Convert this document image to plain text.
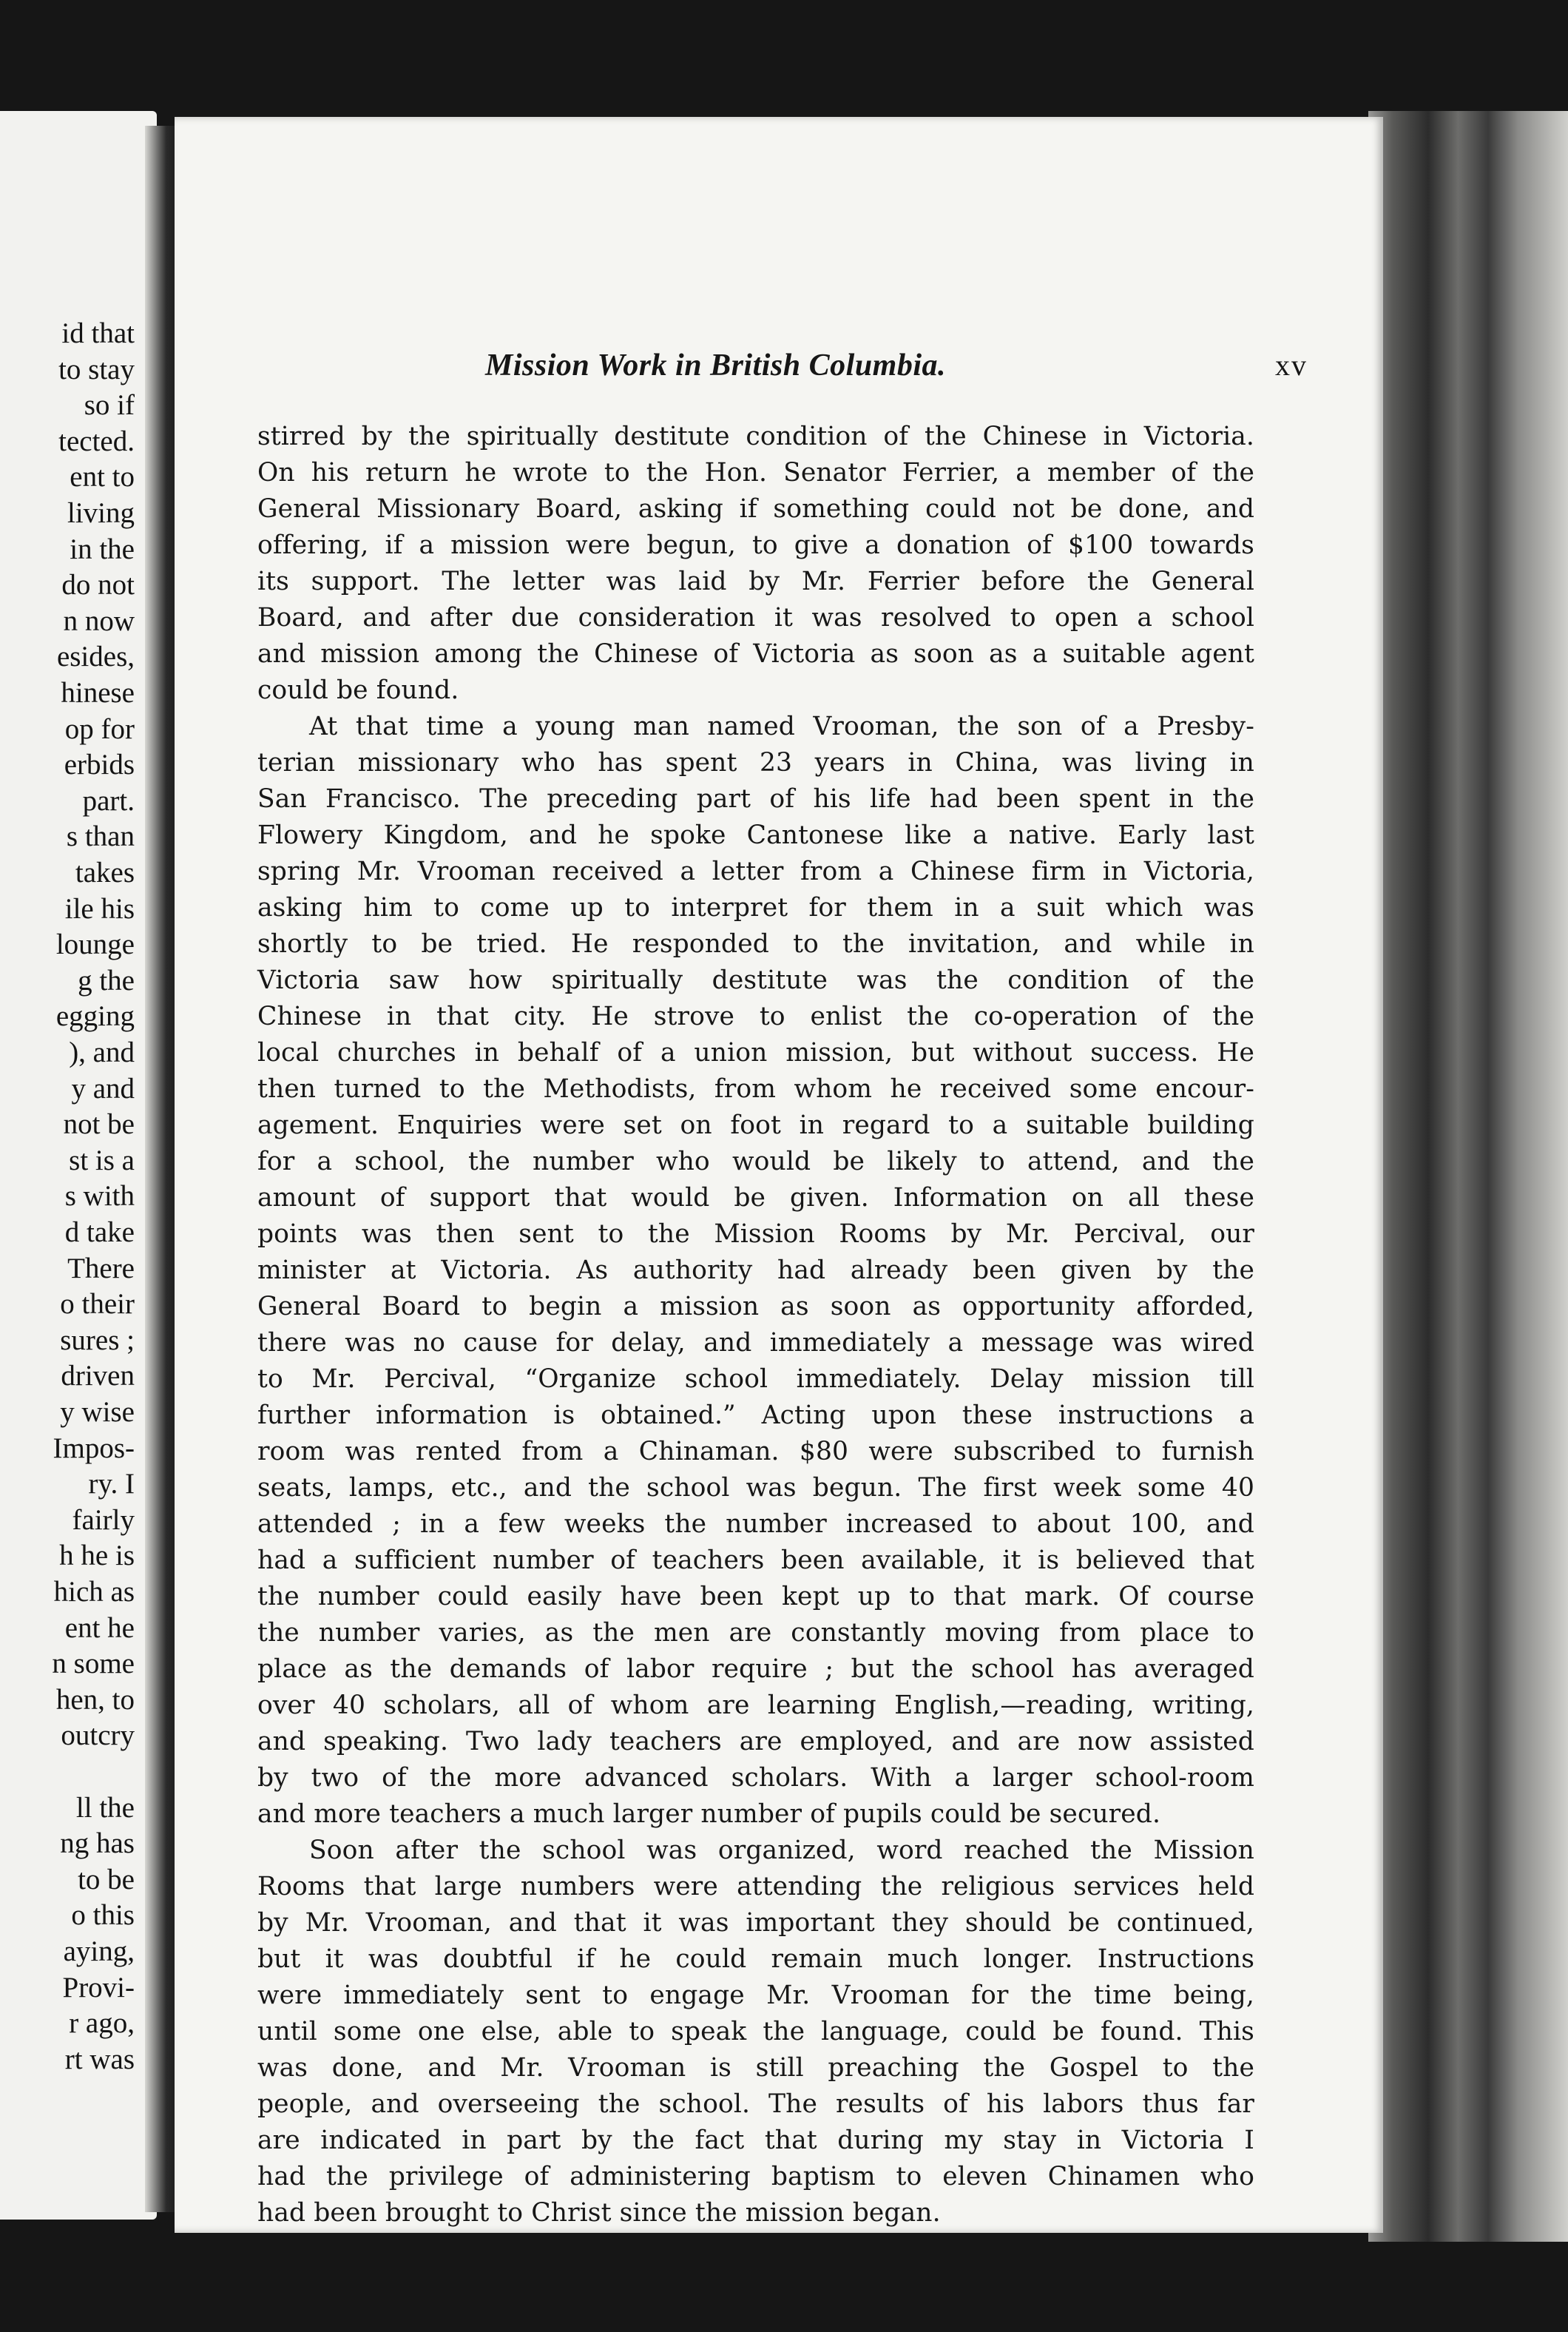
id that
to stay
so if
tected.
ent to
living
in the
do not
n now
esides,
hinese
op for
erbids
part.
s than
takes
ile his
lounge
g the
egging
), and
y and
not be
st is a
s with
d take
There
o their
sures ;
driven
y wise
Impos-
ry. I
fairly
h he is
hich as
ent he
n some
hen, to
outcry
ll the
ng has
to be
o this
aying,
Provi-
r ago,
rt was
Mission Work in British Columbia.	xv
stirred by the spiritually destitute condition of the Chinese in Victoria.
On his return he wrote to the Hon. Senator Ferrier, a member of the
General Missionary Board, asking if something could not be done, and
offering, if a mission were begun, to give a donation of $100 towards
its support. The letter was laid by Mr. Ferrier before the General
Board, and after due consideration it was resolved to open a school
and mission among the Chinese of Victoria as soon as a suitable agent
could be found.
At that time a young man named Vrooman, the son of a Presby-
terian missionary who has spent 23 years in China, was living in
San Francisco. The preceding part of his life had been spent in the
Flowery Kingdom, and he spoke Cantonese like a native. Early last
spring Mr. Vrooman received a letter from a Chinese firm in Victoria,
asking him to come up to interpret for them in a suit which was
shortly to be tried. He responded to the invitation, and while in
Victoria saw how spiritually destitute was the condition of the
Chinese in that city. He strove to enlist the co-operation of the
local churches in behalf of a union mission, but without success. He
then turned to the Methodists, from whom he received some encour-
agement. Enquiries were set on foot in regard to a suitable building
for a school, the number who would be likely to attend, and the
amount of support that would be given. Information on all these
points was then sent to the Mission Rooms by Mr. Percival, our
minister at Victoria. As authority had already been given by the
General Board to begin a mission as soon as opportunity afforded,
there was no cause for delay, and immediately a message was wired
to Mr. Percival, “Organize school immediately. Delay mission till
further information is obtained.” Acting upon these instructions a
room was rented from a Chinaman. $80 were subscribed to furnish
seats, lamps, etc., and the school was begun. The first week some 40
attended ; in a few weeks the number increased to about 100, and
had a sufficient number of teachers been available, it is believed that
the number could easily have been kept up to that mark. Of course
the number varies, as the men are constantly moving from place to
place as the demands of labor require ; but the school has averaged
over 40 scholars, all of whom are learning English,—reading, writing,
and speaking. Two lady teachers are employed, and are now assisted
by two of the more advanced scholars. With a larger school-room
and more teachers a much larger number of pupils could be secured.
Soon after the school was organized, word reached the Mission
Rooms that large numbers were attending the religious services held
by Mr. Vrooman, and that it was important they should be continued,
but it was doubtful if he could remain much longer. Instructions
were immediately sent to engage Mr. Vrooman for the time being,
until some one else, able to speak the language, could be found. This
was done, and Mr. Vrooman is still preaching the Gospel to the
people, and overseeing the school. The results of his labors thus far
are indicated in part by the fact that during my stay in Victoria I
had the privilege of administering baptism to eleven Chinamen who
had been brought to Christ since the mission began.
